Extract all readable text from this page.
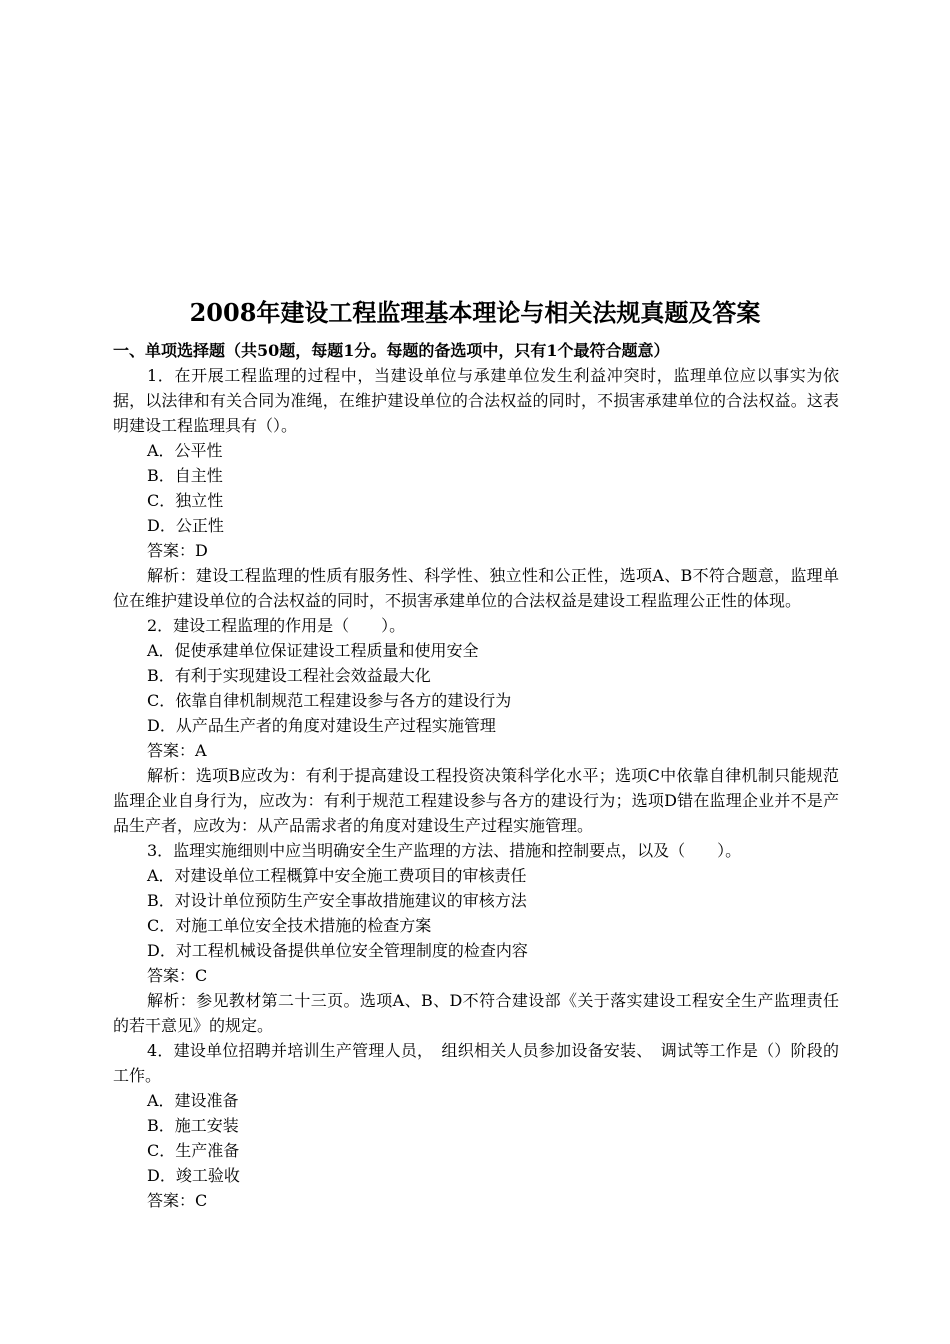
2008年建设工程监理基本理论与相关法规真题及答案

一、单项选择题（共50题，每题1分。每题的备选项中，只有1个最符合题意）

1．在开展工程监理的过程中，当建设单位与承建单位发生利益冲突时，监理单位应以事实为依据，以法律和有关合同为准绳，在维护建设单位的合法权益的同时，不损害承建单位的合法权益。这表明建设工程监理具有（）。

A．公平性

B．自主性

C．独立性

D．公正性

答案：D

解析：建设工程监理的性质有服务性、科学性、独立性和公正性，选项A、B不符合题意，监理单位在维护建设单位的合法权益的同时，不损害承建单位的合法权益是建设工程监理公正性的体现。

2．建设工程监理的作用是（　　）。

A．促使承建单位保证建设工程质量和使用安全

B．有利于实现建设工程社会效益最大化

C．依靠自律机制规范工程建设参与各方的建设行为

D．从产品生产者的角度对建设生产过程实施管理

答案：A

解析：选项B应改为：有利于提高建设工程投资决策科学化水平；选项C中依靠自律机制只能规范监理企业自身行为，应改为：有利于规范工程建设参与各方的建设行为；选项D错在监理企业并不是产品生产者，应改为：从产品需求者的角度对建设生产过程实施管理。

3．监理实施细则中应当明确安全生产监理的方法、措施和控制要点，以及（　　）。

A．对建设单位工程概算中安全施工费项目的审核责任

B．对设计单位预防生产安全事故措施建议的审核方法

C．对施工单位安全技术措施的检查方案

D．对工程机械设备提供单位安全管理制度的检查内容

答案：C

解析：参见教材第二十三页。选项A、B、D不符合建设部《关于落实建设工程安全生产监理责任的若干意见》的规定。

4．建设单位招聘并培训生产管理人员，　组织相关人员参加设备安装、　调试等工作是（）阶段的工作。

A．建设准备

B．施工安装

C．生产准备

D．竣工验收

答案：C
